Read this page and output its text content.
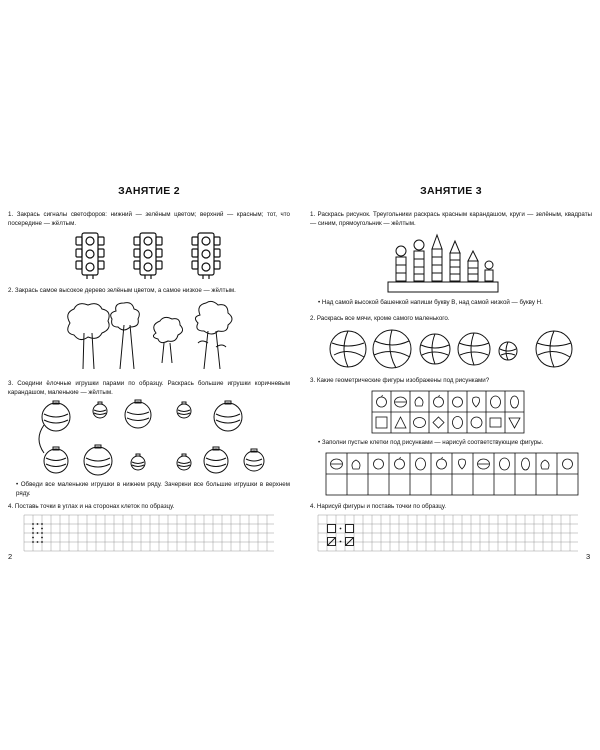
ЗАНЯТИЕ 2
1. Закрась сигналы светофоров: нижний — зелёным цветом; верхний — красным; тот, что посередине — жёлтым.
2. Закрась самое высокое дерево зелёным цветом, а самое низкое — жёлтым.
3. Соедини ёлочные игрушки парами по образцу. Раскрась большие игрушки коричневым карандашом, маленькие — жёлтым.
• Обведи все маленькие игрушки в нижнем ряду. Зачеркни все большие игрушки в верхнем ряду.
4. Поставь точки в углах и на сторонах клеток по образцу.
2
ЗАНЯТИЕ 3
1. Раскрась рисунок. Треугольники раскрась красным карандашом, круги — зелёным, квадраты — синим, прямоугольник — жёлтым.
• Над самой высокой башенкой напиши букву В, над самой низкой — букву Н.
2. Раскрась все мячи, кроме самого маленького.
3. Какие геометрические фигуры изображены под рисунками?
• Заполни пустые клетки под рисунками — нарисуй соответствующие фигуры.
4. Нарисуй фигуры и поставь точки по образцу.
3
